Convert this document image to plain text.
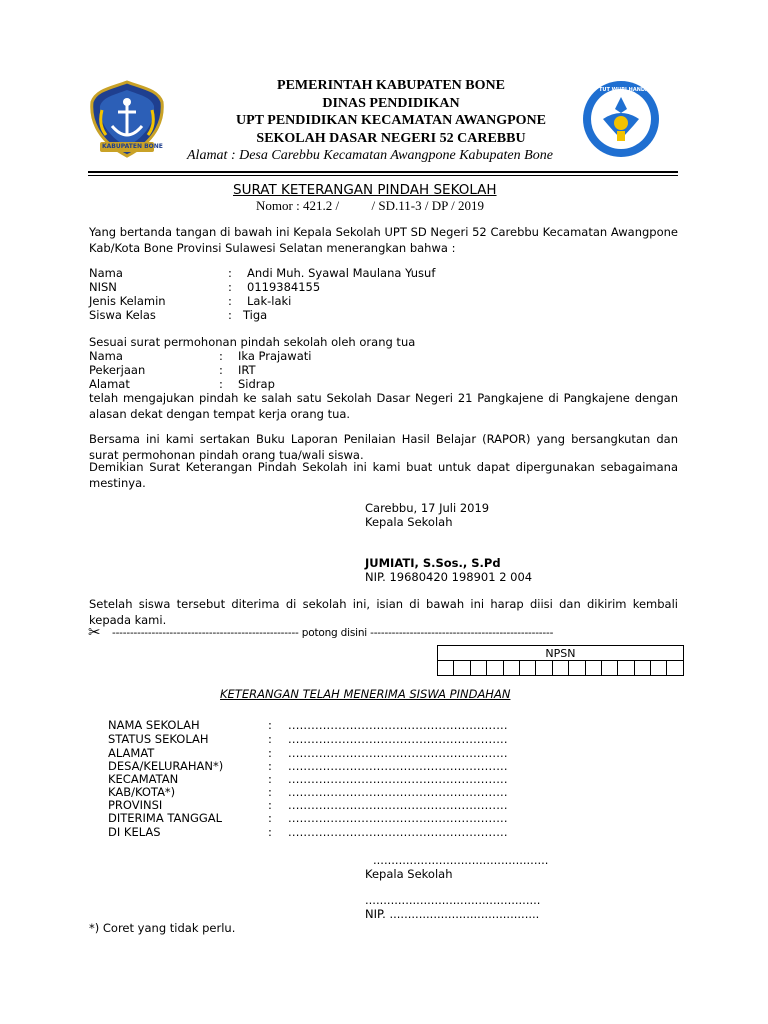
KABUPATEN BONE
TUT WURI HANDAYANI
PEMERINTAH KABUPATEN BONE
DINAS PENDIDIKAN
UPT PENDIDIKAN KECAMATAN AWANGPONE
SEKOLAH DASAR NEGERI 52 CAREBBU
Alamat : Desa Carebbu Kecamatan Awangpone Kabupaten Bone
SURAT KETERANGAN PINDAH SEKOLAH
Nomor : 421.2 /          / SD.11-3 / DP / 2019
Yang bertanda tangan di bawah ini Kepala Sekolah UPT SD Negeri 52 Carebbu Kecamatan Awangpone Kab/Kota Bone Provinsi Sulawesi Selatan menerangkan bahwa :
Nama	: Andi Muh. Syawal Maulana Yusuf
NISN	: 0119384155
Jenis Kelamin	: Lak-laki
Siswa Kelas	: Tiga
Sesuai surat permohonan pindah sekolah oleh orang tua
Nama	: Ika Prajawati
Pekerjaan	: IRT
Alamat	: Sidrap
telah mengajukan pindah ke salah satu Sekolah Dasar Negeri 21 Pangkajene di Pangkajene dengan alasan dekat dengan tempat kerja orang tua.
Bersama ini kami sertakan Buku Laporan Penilaian Hasil Belajar (RAPOR) yang bersangkutan dan surat permohonan pindah orang tua/wali siswa.
Demikian Surat Keterangan Pindah Sekolah ini kami buat untuk dapat dipergunakan sebagaimana mestinya.
Carebbu, 17 Juli 2019
Kepala Sekolah
JUMIATI, S.Sos., S.Pd
NIP. 19680420 198901 2 004
Setelah siswa tersebut diterima di sekolah ini, isian di bawah ini harap diisi dan dikirim kembali kepada kami.
✂ ---------------------------------------------------- potong disini ---------------------------------------------------
NPSN

KETERANGAN TELAH MENERIMA SISWA PINDAHAN
NAMA SEKOLAH	: .........................................................
STATUS SEKOLAH	: .........................................................
ALAMAT	: .........................................................
DESA/KELURAHAN*)	: .........................................................
KECAMATAN	: .........................................................
KAB/KOTA*)	: .........................................................
PROVINSI	: .........................................................
DITERIMA TANGGAL	: .........................................................
DI KELAS	: .........................................................
................................................
Kepala Sekolah
................................................
NIP. .........................................
*) Coret yang tidak perlu.
